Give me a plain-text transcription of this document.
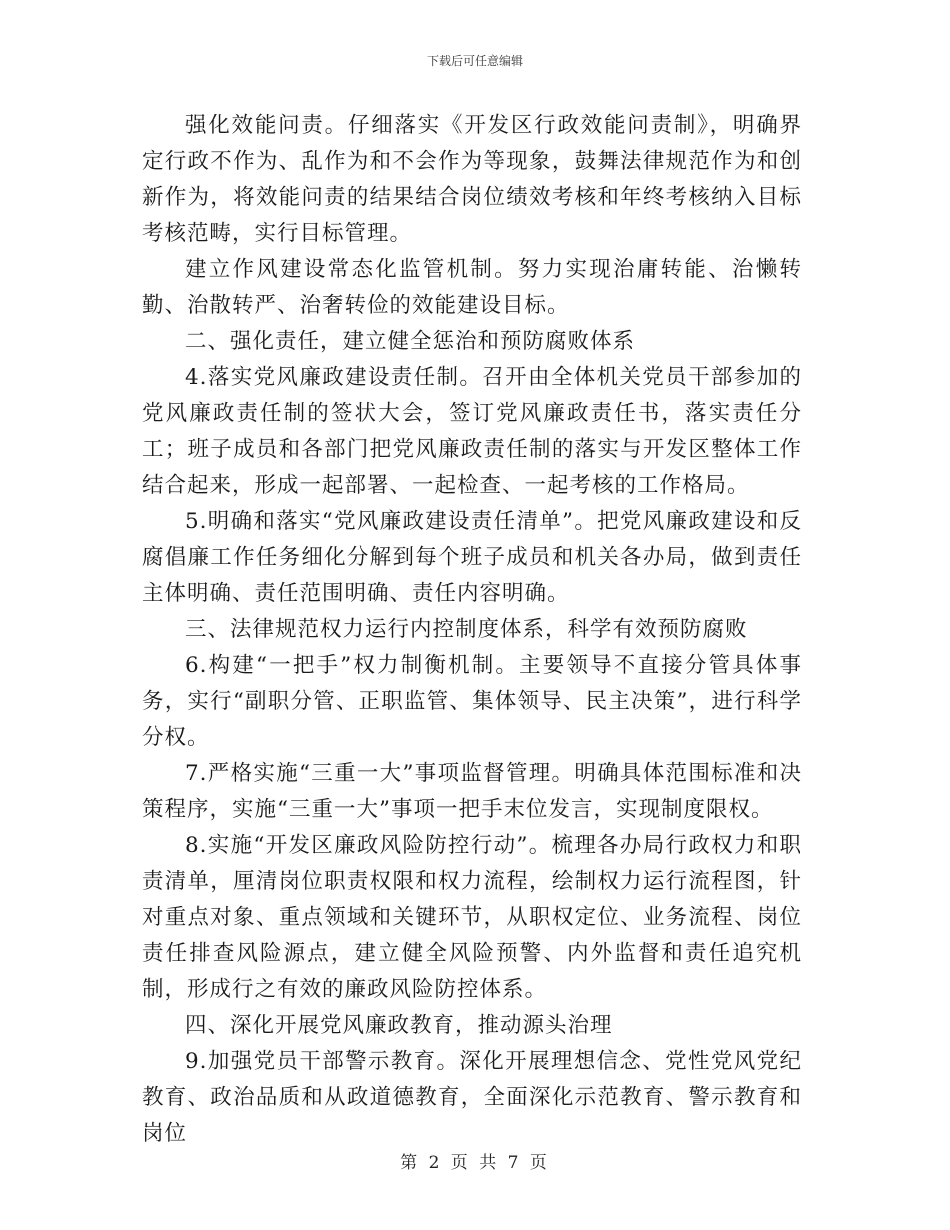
下载后可任意编辑

强化效能问责。仔细落实《开发区行政效能问责制》，明确界定行政不作为、乱作为和不会作为等现象，鼓舞法律规范作为和创新作为，将效能问责的结果结合岗位绩效考核和年终考核纳入目标考核范畴，实行目标管理。

建立作风建设常态化监管机制。努力实现治庸转能、治懒转勤、治散转严、治奢转俭的效能建设目标。

二、强化责任，建立健全惩治和预防腐败体系

4.落实党风廉政建设责任制。召开由全体机关党员干部参加的党风廉政责任制的签状大会，签订党风廉政责任书，落实责任分工；班子成员和各部门把党风廉政责任制的落实与开发区整体工作结合起来，形成一起部署、一起检查、一起考核的工作格局。

5.明确和落实“党风廉政建设责任清单”。把党风廉政建设和反腐倡廉工作任务细化分解到每个班子成员和机关各办局，做到责任主体明确、责任范围明确、责任内容明确。

三、法律规范权力运行内控制度体系，科学有效预防腐败

6.构建“一把手”权力制衡机制。主要领导不直接分管具体事务，实行“副职分管、正职监管、集体领导、民主决策”，进行科学分权。

7.严格实施“三重一大”事项监督管理。明确具体范围标准和决策程序，实施“三重一大”事项一把手末位发言，实现制度限权。

8.实施“开发区廉政风险防控行动”。梳理各办局行政权力和职责清单，厘清岗位职责权限和权力流程，绘制权力运行流程图，针对重点对象、重点领域和关键环节，从职权定位、业务流程、岗位责任排查风险源点，建立健全风险预警、内外监督和责任追究机制，形成行之有效的廉政风险防控体系。

四、深化开展党风廉政教育，推动源头治理

9.加强党员干部警示教育。深化开展理想信念、党性党风党纪教育、政治品质和从政道德教育，全面深化示范教育、警示教育和岗位

第 2 页 共 7 页
